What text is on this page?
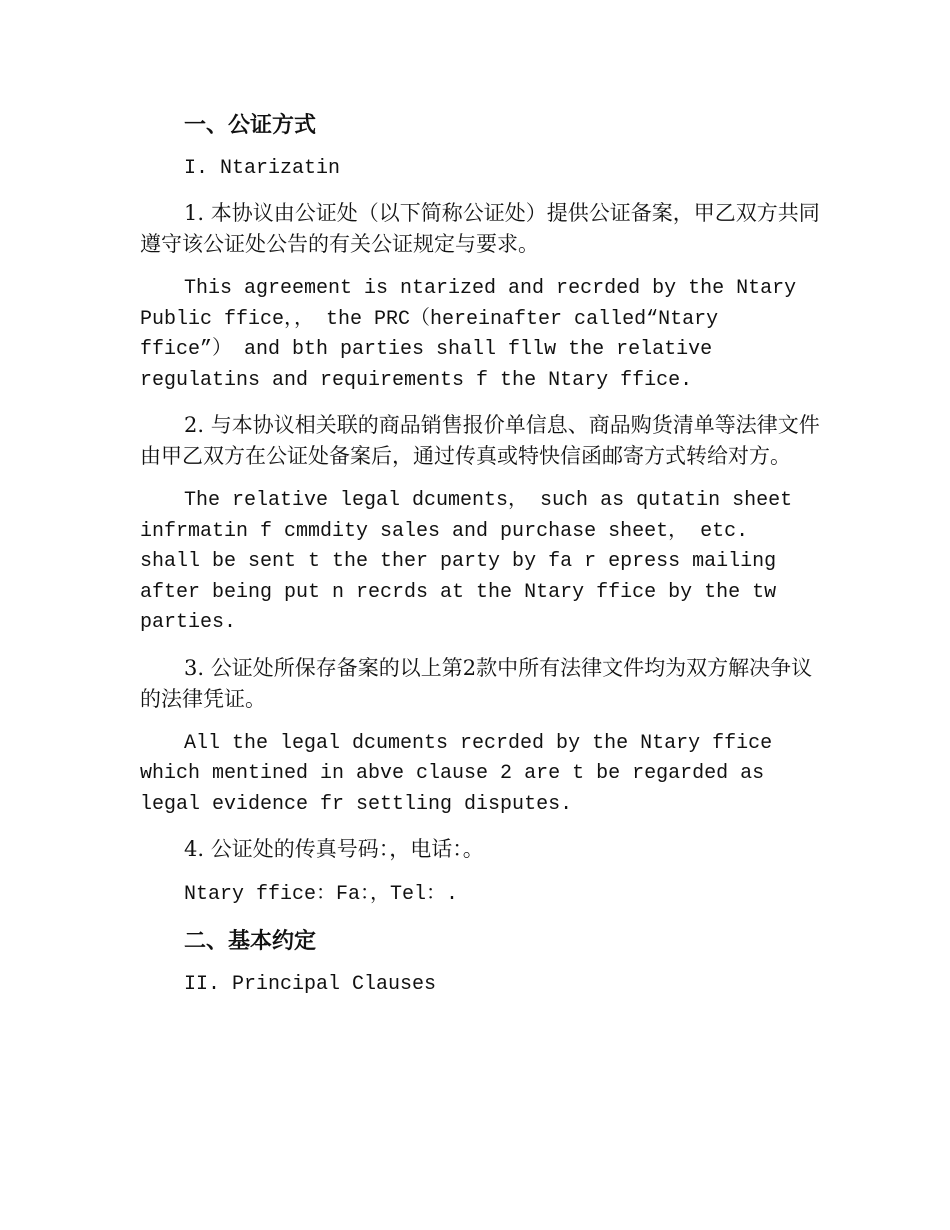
一、公证方式

I. Ntarizatin

1. 本协议由公证处（以下简称公证处）提供公证备案，甲乙双方共同遵守该公证处公告的有关公证规定与要求。

This agreement is ntarized and recrded by the Ntary Public ffice，， the PRC（hereinafter called“Ntary ffice”） and bth parties shall fllw the relative regulatins and requirements f the Ntary ffice.

2. 与本协议相关联的商品销售报价单信息、商品购货清单等法律文件由甲乙双方在公证处备案后，通过传真或特快信函邮寄方式转给对方。

The relative legal dcuments， such as qutatin sheet infrmatin f cmmdity sales and purchase sheet， etc. shall be sent t the ther party by fa r epress mailing after being put n recrds at the Ntary ffice by the tw parties.

3. 公证处所保存备案的以上第2款中所有法律文件均为双方解决争议的法律凭证。

All the legal dcuments recrded by the Ntary ffice which mentined in abve clause 2 are t be regarded as legal evidence fr settling disputes.

4. 公证处的传真号码：，电话：。

Ntary ffice：Fa：，Tel：.

二、基本约定

II. Principal Clauses
